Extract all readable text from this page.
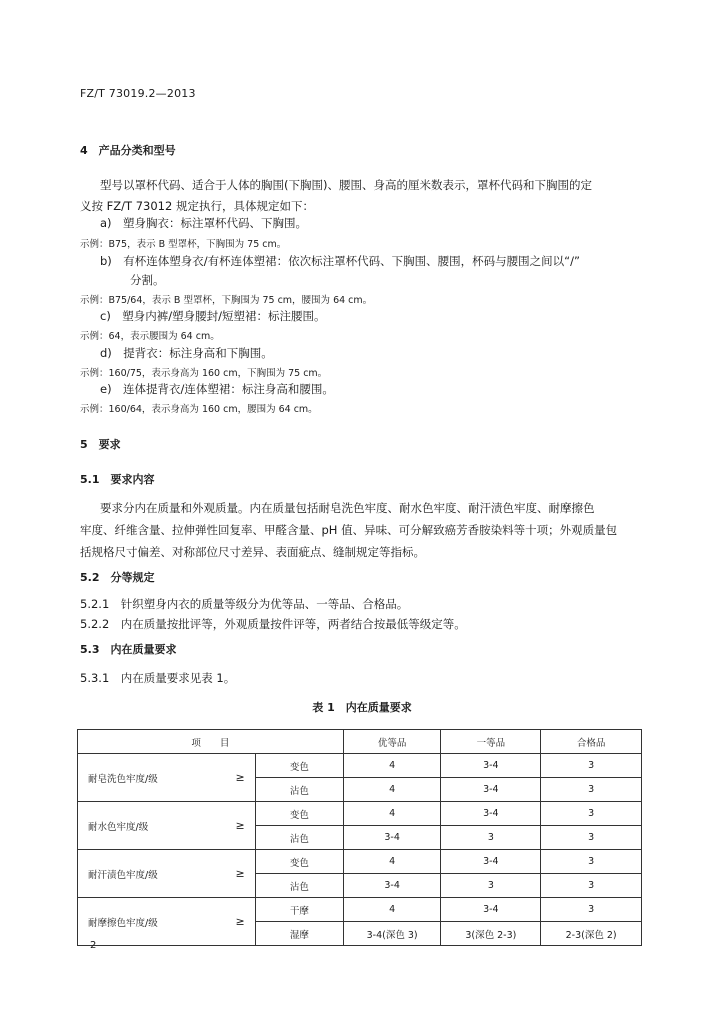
FZ/T 73019.2—2013
4　产品分类和型号
型号以罩杯代码、适合于人体的胸围(下胸围)、腰围、身高的厘米数表示，罩杯代码和下胸围的定
义按 FZ/T 73012 规定执行，具体规定如下：
a)　塑身胸衣：标注罩杯代码、下胸围。
示例：B75，表示 B 型罩杯，下胸围为 75 cm。
b)　有杯连体塑身衣/有杯连体塑裙：依次标注罩杯代码、下胸围、腰围，杯码与腰围之间以“/”
分割。
示例：B75/64，表示 B 型罩杯，下胸围为 75 cm，腰围为 64 cm。
c)　塑身内裤/塑身腰封/短塑裙：标注腰围。
示例：64，表示腰围为 64 cm。
d)　提背衣：标注身高和下胸围。
示例：160/75，表示身高为 160 cm，下胸围为 75 cm。
e)　连体提背衣/连体塑裙：标注身高和腰围。
示例：160/64，表示身高为 160 cm，腰围为 64 cm。
5　要求
5.1　要求内容
要求分内在质量和外观质量。内在质量包括耐皂洗色牢度、耐水色牢度、耐汗渍色牢度、耐摩擦色
牢度、纤维含量、拉伸弹性回复率、甲醛含量、pH 值、异味、可分解致癌芳香胺染料等十项；外观质量包
括规格尺寸偏差、对称部位尺寸差异、表面疵点、缝制规定等指标。
5.2　分等规定
5.2.1　针织塑身内衣的质量等级分为优等品、一等品、合格品。
5.2.2　内在质量按批评等，外观质量按件评等，两者结合按最低等级定等。
5.3　内在质量要求
5.3.1　内在质量要求见表 1。
表 1　内在质量要求
项　　目			优等品	一等品	合格品
耐皂洗色牢度/级	≥	变色	4	3-4	3
		沾色	4	3-4	3
耐水色牢度/级	≥	变色	4	3-4	3
		沾色	3-4	3	3
耐汗渍色牢度/级	≥	变色	4	3-4	3
		沾色	3-4	3	3
耐摩擦色牢度/级	≥	干摩	4	3-4	3
		湿摩	3-4(深色 3)	3(深色 2-3)	2-3(深色 2)
2
